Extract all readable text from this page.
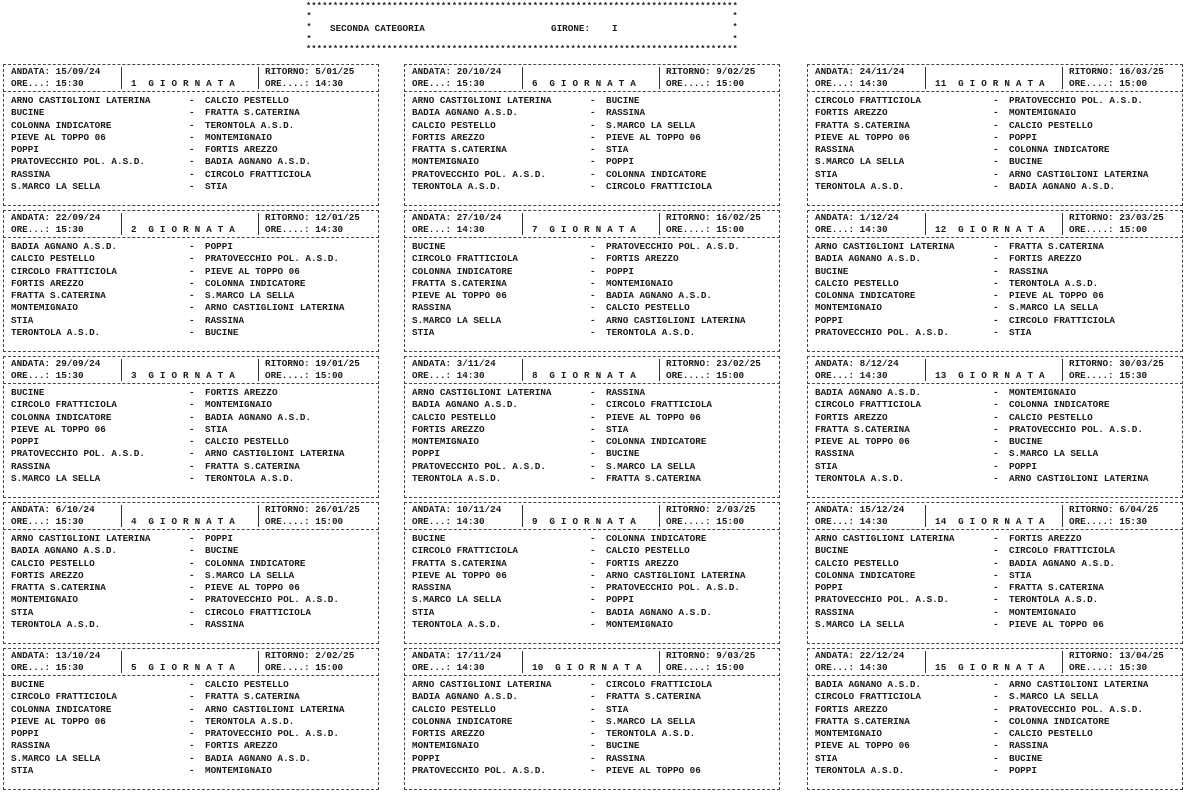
*****
*
*
*
*
*
*
SECONDA CATEGORIA	GIRONE: I
*****
ANDATA: 15/09/24
ORE...: 15:30	1  G I O R N A T A
RITORNO: 5/01/25
ORE....: 14:30
ARNO CASTIGLIONI LATERINA	- CALCIO PESTELLO
BUCINE	- FRATTA S.CATERINA
COLONNA INDICATORE	- TERONTOLA A.S.D.
PIEVE AL TOPPO 06	- MONTEMIGNAIO
POPPI	- FORTIS AREZZO
PRATOVECCHIO POL. A.S.D.	- BADIA AGNANO A.S.D.
RASSINA	- CIRCOLO FRATTICIOLA
S.MARCO LA SELLA	- STIA
ANDATA: 22/09/24
ORE...: 15:30	2  G I O R N A T A
RITORNO: 12/01/25
ORE....: 14:30
BADIA AGNANO A.S.D.	- POPPI
CALCIO PESTELLO	- PRATOVECCHIO POL. A.S.D.
CIRCOLO FRATTICIOLA	- PIEVE AL TOPPO 06
FORTIS AREZZO	- COLONNA INDICATORE
FRATTA S.CATERINA	- S.MARCO LA SELLA
MONTEMIGNAIO	- ARNO CASTIGLIONI LATERINA
STIA	- RASSINA
TERONTOLA A.S.D.	- BUCINE
ANDATA: 29/09/24
ORE...: 15:30	3  G I O R N A T A
RITORNO: 19/01/25
ORE....: 15:00
BUCINE	- FORTIS AREZZO
CIRCOLO FRATTICIOLA	- MONTEMIGNAIO
COLONNA INDICATORE	- BADIA AGNANO A.S.D.
PIEVE AL TOPPO 06	- STIA
POPPI	- CALCIO PESTELLO
PRATOVECCHIO POL. A.S.D.	- ARNO CASTIGLIONI LATERINA
RASSINA	- FRATTA S.CATERINA
S.MARCO LA SELLA	- TERONTOLA A.S.D.
ANDATA: 6/10/24
ORE...: 15:30	4  G I O R N A T A
RITORNO: 26/01/25
ORE....: 15:00
ARNO CASTIGLIONI LATERINA	- POPPI
BADIA AGNANO A.S.D.	- BUCINE
CALCIO PESTELLO	- COLONNA INDICATORE
FORTIS AREZZO	- S.MARCO LA SELLA
FRATTA S.CATERINA	- PIEVE AL TOPPO 06
MONTEMIGNAIO	- PRATOVECCHIO POL. A.S.D.
STIA	- CIRCOLO FRATTICIOLA
TERONTOLA A.S.D.	- RASSINA
ANDATA: 13/10/24
ORE...: 15:30	5  G I O R N A T A
RITORNO: 2/02/25
ORE....: 15:00
BUCINE	- CALCIO PESTELLO
CIRCOLO FRATTICIOLA	- FRATTA S.CATERINA
COLONNA INDICATORE	- ARNO CASTIGLIONI LATERINA
PIEVE AL TOPPO 06	- TERONTOLA A.S.D.
POPPI	- PRATOVECCHIO POL. A.S.D.
RASSINA	- FORTIS AREZZO
S.MARCO LA SELLA	- BADIA AGNANO A.S.D.
STIA	- MONTEMIGNAIO
ANDATA: 20/10/24
ORE...: 15:30	6  G I O R N A T A
RITORNO: 9/02/25
ORE....: 15:00
ARNO CASTIGLIONI LATERINA	- BUCINE
BADIA AGNANO A.S.D.	- RASSINA
CALCIO PESTELLO	- S.MARCO LA SELLA
FORTIS AREZZO	- PIEVE AL TOPPO 06
FRATTA S.CATERINA	- STIA
MONTEMIGNAIO	- POPPI
PRATOVECCHIO POL. A.S.D.	- COLONNA INDICATORE
TERONTOLA A.S.D.	- CIRCOLO FRATTICIOLA
ANDATA: 27/10/24
ORE...: 14:30	7  G I O R N A T A
RITORNO: 16/02/25
ORE....: 15:00
BUCINE	- PRATOVECCHIO POL. A.S.D.
CIRCOLO FRATTICIOLA	- FORTIS AREZZO
COLONNA INDICATORE	- POPPI
FRATTA S.CATERINA	- MONTEMIGNAIO
PIEVE AL TOPPO 06	- BADIA AGNANO A.S.D.
RASSINA	- CALCIO PESTELLO
S.MARCO LA SELLA	- ARNO CASTIGLIONI LATERINA
STIA	- TERONTOLA A.S.D.
ANDATA: 3/11/24
ORE...: 14:30	8  G I O R N A T A
RITORNO: 23/02/25
ORE....: 15:00
ARNO CASTIGLIONI LATERINA	- RASSINA
BADIA AGNANO A.S.D.	- CIRCOLO FRATTICIOLA
CALCIO PESTELLO	- PIEVE AL TOPPO 06
FORTIS AREZZO	- STIA
MONTEMIGNAIO	- COLONNA INDICATORE
POPPI	- BUCINE
PRATOVECCHIO POL. A.S.D.	- S.MARCO LA SELLA
TERONTOLA A.S.D.	- FRATTA S.CATERINA
ANDATA: 10/11/24
ORE...: 14:30	9  G I O R N A T A
RITORNO: 2/03/25
ORE....: 15:00
BUCINE	- COLONNA INDICATORE
CIRCOLO FRATTICIOLA	- CALCIO PESTELLO
FRATTA S.CATERINA	- FORTIS AREZZO
PIEVE AL TOPPO 06	- ARNO CASTIGLIONI LATERINA
RASSINA	- PRATOVECCHIO POL. A.S.D.
S.MARCO LA SELLA	- POPPI
STIA	- BADIA AGNANO A.S.D.
TERONTOLA A.S.D.	- MONTEMIGNAIO
ANDATA: 17/11/24
ORE...: 14:30	10  G I O R N A T A
RITORNO: 9/03/25
ORE....: 15:00
ARNO CASTIGLIONI LATERINA	- CIRCOLO FRATTICIOLA
BADIA AGNANO A.S.D.	- FRATTA S.CATERINA
CALCIO PESTELLO	- STIA
COLONNA INDICATORE	- S.MARCO LA SELLA
FORTIS AREZZO	- TERONTOLA A.S.D.
MONTEMIGNAIO	- BUCINE
POPPI	- RASSINA
PRATOVECCHIO POL. A.S.D.	- PIEVE AL TOPPO 06
ANDATA: 24/11/24
ORE...: 14:30	11  G I O R N A T A
RITORNO: 16/03/25
ORE....: 15:00
CIRCOLO FRATTICIOLA	- PRATOVECCHIO POL. A.S.D.
FORTIS AREZZO	- MONTEMIGNAIO
FRATTA S.CATERINA	- CALCIO PESTELLO
PIEVE AL TOPPO 06	- POPPI
RASSINA	- COLONNA INDICATORE
S.MARCO LA SELLA	- BUCINE
STIA	- ARNO CASTIGLIONI LATERINA
TERONTOLA A.S.D.	- BADIA AGNANO A.S.D.
ANDATA: 1/12/24
ORE...: 14:30	12  G I O R N A T A
RITORNO: 23/03/25
ORE....: 15:00
ARNO CASTIGLIONI LATERINA	- FRATTA S.CATERINA
BADIA AGNANO A.S.D.	- FORTIS AREZZO
BUCINE	- RASSINA
CALCIO PESTELLO	- TERONTOLA A.S.D.
COLONNA INDICATORE	- PIEVE AL TOPPO 06
MONTEMIGNAIO	- S.MARCO LA SELLA
POPPI	- CIRCOLO FRATTICIOLA
PRATOVECCHIO POL. A.S.D.	- STIA
ANDATA: 8/12/24
ORE...: 14:30	13  G I O R N A T A
RITORNO: 30/03/25
ORE....: 15:30
BADIA AGNANO A.S.D.	- MONTEMIGNAIO
CIRCOLO FRATTICIOLA	- COLONNA INDICATORE
FORTIS AREZZO	- CALCIO PESTELLO
FRATTA S.CATERINA	- PRATOVECCHIO POL. A.S.D.
PIEVE AL TOPPO 06	- BUCINE
RASSINA	- S.MARCO LA SELLA
STIA	- POPPI
TERONTOLA A.S.D.	- ARNO CASTIGLIONI LATERINA
ANDATA: 15/12/24
ORE...: 14:30	14  G I O R N A T A
RITORNO: 6/04/25
ORE....: 15:30
ARNO CASTIGLIONI LATERINA	- FORTIS AREZZO
BUCINE	- CIRCOLO FRATTICIOLA
CALCIO PESTELLO	- BADIA AGNANO A.S.D.
COLONNA INDICATORE	- STIA
POPPI	- FRATTA S.CATERINA
PRATOVECCHIO POL. A.S.D.	- TERONTOLA A.S.D.
RASSINA	- MONTEMIGNAIO
S.MARCO LA SELLA	- PIEVE AL TOPPO 06
ANDATA: 22/12/24
ORE...: 14:30	15  G I O R N A T A
RITORNO: 13/04/25
ORE....: 15:30
BADIA AGNANO A.S.D.	- ARNO CASTIGLIONI LATERINA
CIRCOLO FRATTICIOLA	- S.MARCO LA SELLA
FORTIS AREZZO	- PRATOVECCHIO POL. A.S.D.
FRATTA S.CATERINA	- COLONNA INDICATORE
MONTEMIGNAIO	- CALCIO PESTELLO
PIEVE AL TOPPO 06	- RASSINA
STIA	- BUCINE
TERONTOLA A.S.D.	- POPPI
